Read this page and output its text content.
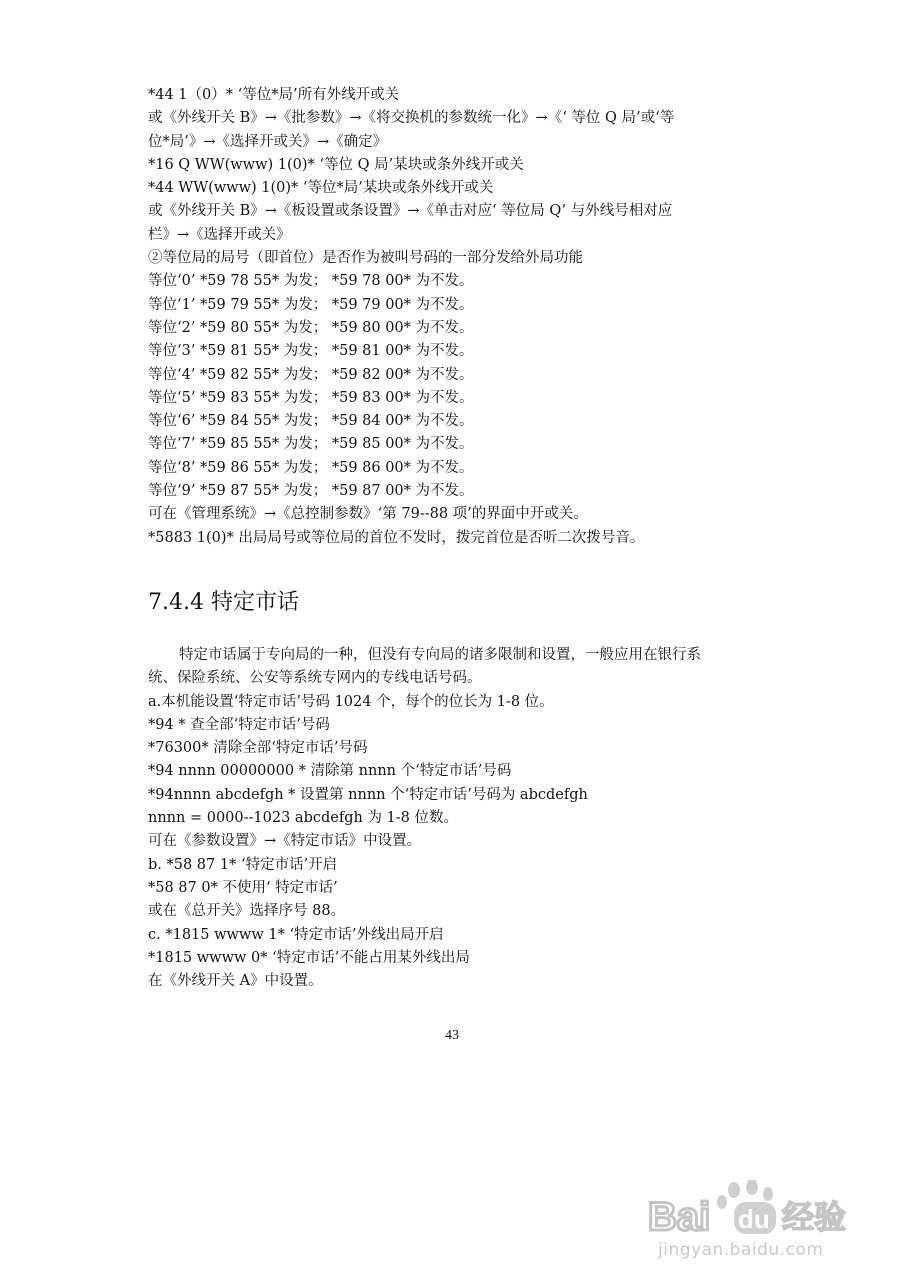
*44 1（0）* ‘等位*局’所有外线开或关
或《外线开关 B》→《批参数》→《将交换机的参数统一化》→《‘ 等位 Q 局’或‘等
位*局’》→《选择开或关》→《确定》
*16 Q WW(www) 1(0)* ‘等位 Q 局’某块或条外线开或关
*44 WW(www) 1(0)* ‘等位*局’某块或条外线开或关
或《外线开关 B》→《板设置或条设置》→《单击对应‘ 等位局 Q’ 与外线号相对应
栏》→《选择开或关》
②等位局的局号（即首位）是否作为被叫号码的一部分发给外局功能
等位‘0’ *59 78 55* 为发； *59 78 00* 为不发。
等位‘1’ *59 79 55* 为发； *59 79 00* 为不发。
等位‘2’ *59 80 55* 为发； *59 80 00* 为不发。
等位‘3’ *59 81 55* 为发； *59 81 00* 为不发。
等位‘4’ *59 82 55* 为发； *59 82 00* 为不发。
等位‘5’ *59 83 55* 为发； *59 83 00* 为不发。
等位‘6’ *59 84 55* 为发； *59 84 00* 为不发。
等位‘7’ *59 85 55* 为发； *59 85 00* 为不发。
等位‘8’ *59 86 55* 为发； *59 86 00* 为不发。
等位‘9’ *59 87 55* 为发； *59 87 00* 为不发。
可在《管理系统》→《总控制参数》‘第 79--88 项’的界面中开或关。
*5883 1(0)* 出局局号或等位局的首位不发时，拨完首位是否听二次拨号音。
7.4.4 特定市话
特定市话属于专向局的一种，但没有专向局的诸多限制和设置，一般应用在银行系
统、保险系统、公安等系统专网内的专线电话号码。
a.本机能设置‘特定市话’号码 1024 个，每个的位长为 1-8 位。
*94 * 查全部‘特定市话’号码
*76300* 清除全部‘特定市话’号码
*94 nnnn 00000000 * 清除第 nnnn 个‘特定市话’号码
*94nnnn abcdefgh * 设置第 nnnn 个‘特定市话’号码为 abcdefgh
nnnn = 0000--1023 abcdefgh 为 1-8 位数。
可在《参数设置》→《特定市话》中设置。
b. *58 87 1* ‘特定市话’开启
*58 87 0* 不使用‘ 特定市话’
或在《总开关》选择序号 88。
c. *1815 wwww 1* ‘特定市话’外线出局开启
*1815 wwww 0* ‘特定市话’不能占用某外线出局
在《外线开关 A》中设置。
43
Bai du 经验
jingyan.baidu.com
